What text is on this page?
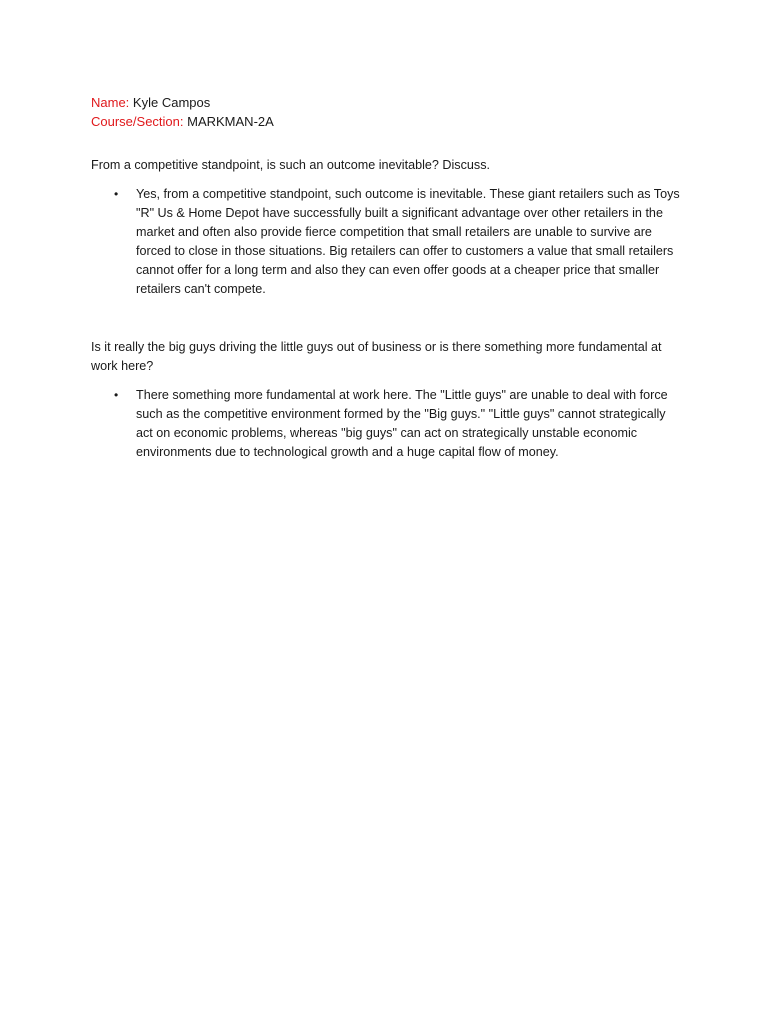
Name: Kyle Campos
Course/Section: MARKMAN-2A
From a competitive standpoint, is such an outcome inevitable? Discuss.
• Yes, from a competitive standpoint, such outcome is inevitable. These giant retailers such as Toys "R" Us & Home Depot have successfully built a significant advantage over other retailers in the market and often also provide fierce competition that small retailers are unable to survive are forced to close in those situations. Big retailers can offer to customers a value that small retailers cannot offer for a long term and also they can even offer goods at a cheaper price that smaller retailers can't compete.
Is it really the big guys driving the little guys out of business or is there something more fundamental at work here?
• There something more fundamental at work here. The "Little guys" are unable to deal with force such as the competitive environment formed by the "Big guys." "Little guys" cannot strategically act on economic problems, whereas "big guys" can act on strategically unstable economic environments due to technological growth and a huge capital flow of money.
